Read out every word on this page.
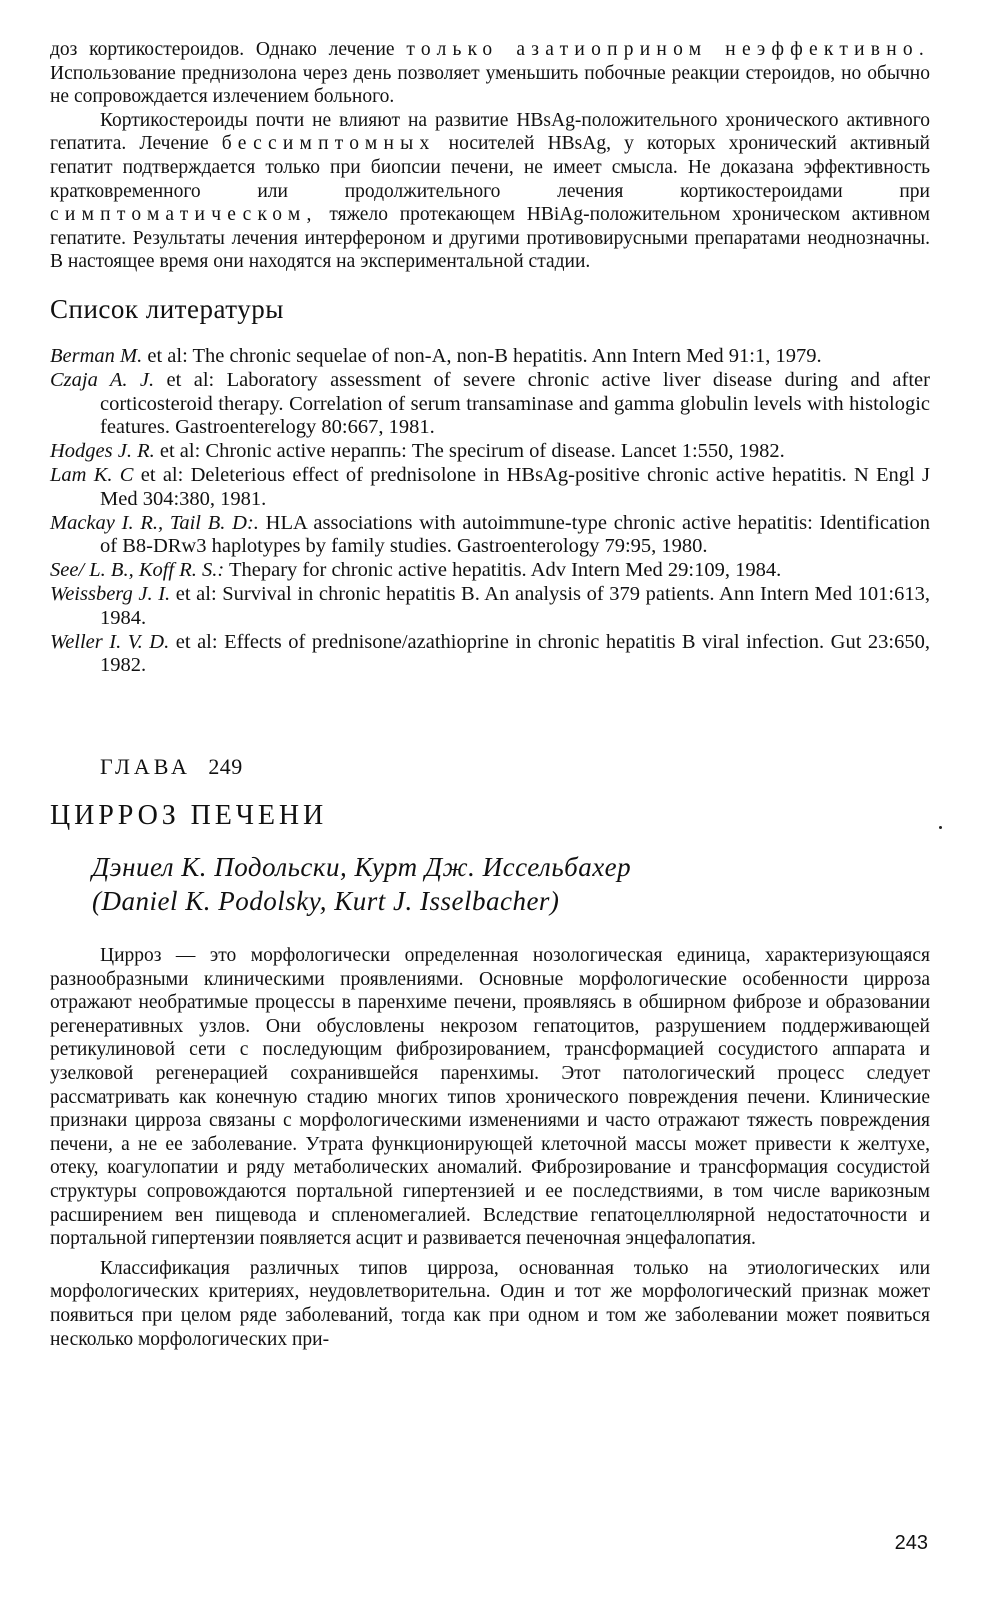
доз кортикостероидов. Однако лечение только азатиоприном неэффективно. Использование преднизолона через день позволяет уменьшить побочные реакции стероидов, но обычно не сопровождается излечением больного.

Кортикостероиды почти не влияют на развитие HBsAg-положительного хронического активного гепатита. Лечение бессимптомных носителей HBsAg, у которых хронический активный гепатит подтверждается только при биопсии печени, не имеет смысла. Не доказана эффективность кратковременного или продолжительного лечения кортикостероидами при симптоматическом, тяжело протекающем HBiAg-положительном хроническом активном гепатите. Результаты лечения интерфероном и другими противовирусными препаратами неоднозначны. В настоящее время они находятся на экспериментальной стадии.

Список литературы
Berman M. et al: The chronic sequelae of non-A, non-B hepatitis. Ann Intern Med 91:1, 1979.
Czaja A. J. et al: Laboratory assessment of severe chronic active liver disease during and after corticosteroid therapy. Correlation of serum transaminase and gamma globulin levels with histologic features. Gastroenterelogy 80:667, 1981.
Hodges J. R. et al: Chronic active нераппь: The specirum of disease. Lancet 1:550, 1982.
Lam K. C et al: Deleterious effect of prednisolone in HBsAg-positive chronic active hepatitis. N Engl J Med 304:380, 1981.
Mackay I. R., Tail B. D:. HLA associations with autoimmune-type chronic active hepatitis: Identification of B8-DRw3 haplotypes by family studies. Gastroenterology 79:95, 1980.
See/ L. B., Koff R. S.: Thepary for chronic active hepatitis. Adv Intern Med 29:109, 1984.
Weissberg J. I. et al: Survival in chronic hepatitis B. An analysis of 379 patients. Ann Intern Med 101:613, 1984.
Weller I. V. D. et al: Effects of prednisone/azathioprine in chronic hepatitis B viral infection. Gut 23:650, 1982.
ГЛАВА 249
ЦИРРОЗ ПЕЧЕНИ
Дэниел К. Подольски, Курт Дж. Иссельбахер
(Daniel K. Podolsky, Kurt J. Isselbacher)

Цирроз — это морфологически определенная нозологическая единица, характеризующаяся разнообразными клиническими проявлениями. Основные морфологические особенности цирроза отражают необратимые процессы в паренхиме печени, проявляясь в обширном фиброзе и образовании регенеративных узлов. Они обусловлены некрозом гепатоцитов, разрушением поддерживающей ретикулиновой сети с последующим фиброзированием, трансформацией сосудистого аппарата и узелковой регенерацией сохранившейся паренхимы. Этот патологический процесс следует рассматривать как конечную стадию многих типов хронического повреждения печени. Клинические признаки цирроза связаны с морфологическими изменениями и часто отражают тяжесть повреждения печени, а не ее заболевание. Утрата функционирующей клеточной массы может привести к желтухе, отеку, коагулопатии и ряду метаболических аномалий. Фиброзирование и трансформация сосудистой структуры сопровождаются портальной гипертензией и ее последствиями, в том числе варикозным расширением вен пищевода и спленомегалией. Вследствие гепатоцеллюлярной недостаточности и портальной гипертензии появляется асцит и развивается печеночная энцефалопатия.

Классификация различных типов цирроза, основанная только на этиологических или морфологических критериях, неудовлетворительна. Один и тот же морфологический признак может появиться при целом ряде заболеваний, тогда как при одном и том же заболевании может появиться несколько морфологических при-

243
